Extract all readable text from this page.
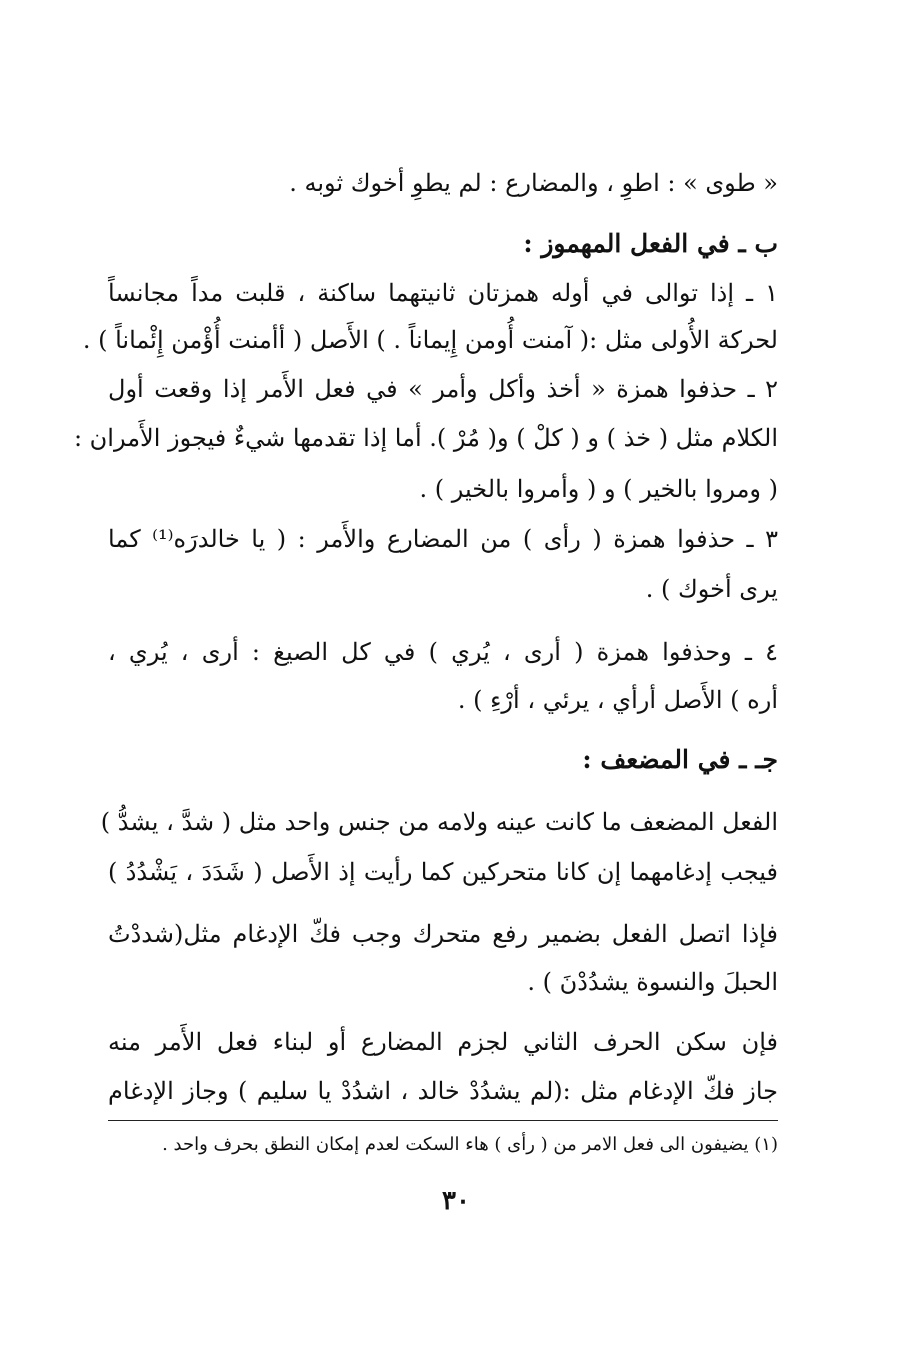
« طوى » : اطوِ ، والمضارع : لم يطوِ أخوك ثوبه .
ب ـ في الفعل المهموز :
١ ـ إذا توالى في أوله همزتان ثانيتهما ساكنة ، قلبت مداً مجانساً
لحركة الأُولى مثل :( آمنت أُومن إِيماناً . ) الأَصل ( أأمنت أُؤْمن إِئْماناً ) .
٢ ـ حذفوا همزة « أخذ وأكل وأمر » في فعل الأَمر إذا وقعت أول
الكلام مثل ( خذ ) و ( كلْ ) و( مُرْ ). أما إذا تقدمها شيءٌ فيجوز الأَمران :
( ومروا بالخير ) و ( وأمروا بالخير ) .
٣ ـ حذفوا همزة ( رأى ) من المضارع والأَمر : ( يا خالدرَه⁽¹⁾ كما
يرى أخوك ) .
٤ ـ وحذفوا همزة ( أرى ، يُري ) في كل الصيغ : أرى ، يُري ،
أره ) الأَصل أرأي ، يرئي ، أرْءِ ) .
جـ ـ في المضعف :
الفعل المضعف ما كانت عينه ولامه من جنس واحد مثل ( شدَّ ، يشدُّ )
فيجب إدغامهما إن كانا متحركين كما رأيت إذ الأَصل ( شَدَدَ ، يَشْدُدُ )
فإذا اتصل الفعل بضمير رفع متحرك وجب فكّ الإدغام مثل(شددْتُ
الحبلَ والنسوة يشدُدْنَ ) .
فإن سكن الحرف الثاني لجزم المضارع أو لبناء فعل الأَمر منه
جاز فكّ الإدغام مثل :(لم يشدُدْ خالد ، اشدُدْ يا سليم ) وجاز الإدغام
(١) يضيفون الى فعل الامر من ( رأى ) هاء السكت لعدم إمكان النطق بحرف واحد .
٣٠
